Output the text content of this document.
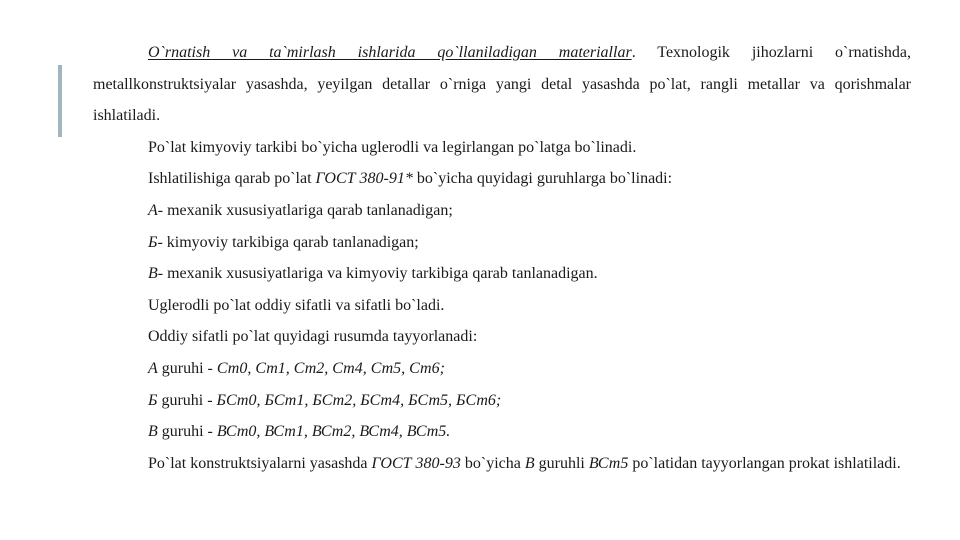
O`rnatish va ta`mirlash ishlarida qo`llaniladigan materiallar. Texnologik jihozlarni o`rnatishda, metallkonstruktsiyalar yasashda, yeyilgan detallar o`rniga yangi detal yasashda po`lat, rangli metallar va qorishmalar ishlatiladi.

Po`lat kimyoviy tarkibi bo`yicha uglerodli va legirlangan po`latga bo`linadi.

Ishlatilishiga qarab po`lat ГОСТ 380-91* bo`yicha quyidagi guruhlarga bo`linadi:

А- mexanik xususiyatlariga qarab tanlanadigan;

Б- kimyoviy tarkibiga qarab tanlanadigan;

В- mexanik xususiyatlariga va kimyoviy tarkibiga qarab tanlanadigan.

Uglerodli po`lat oddiy sifatli va sifatli bo`ladi.

Oddiy sifatli po`lat quyidagi rusumda tayyorlanadi:

А guruhi - Ст0, Ст1, Ст2, Ст4, Ст5, Ст6;

Б guruhi - БСт0, БСт1, БСт2, БСт4, БСт5, БСт6;

В guruhi - ВСт0, ВСт1, ВСт2, ВСт4, ВСт5.

Po`lat konstruktsiyalarni yasashda ГОСТ 380-93 bo`yicha В guruhli ВСт5 po`latidan tayyorlangan prokat ishlatiladi.
